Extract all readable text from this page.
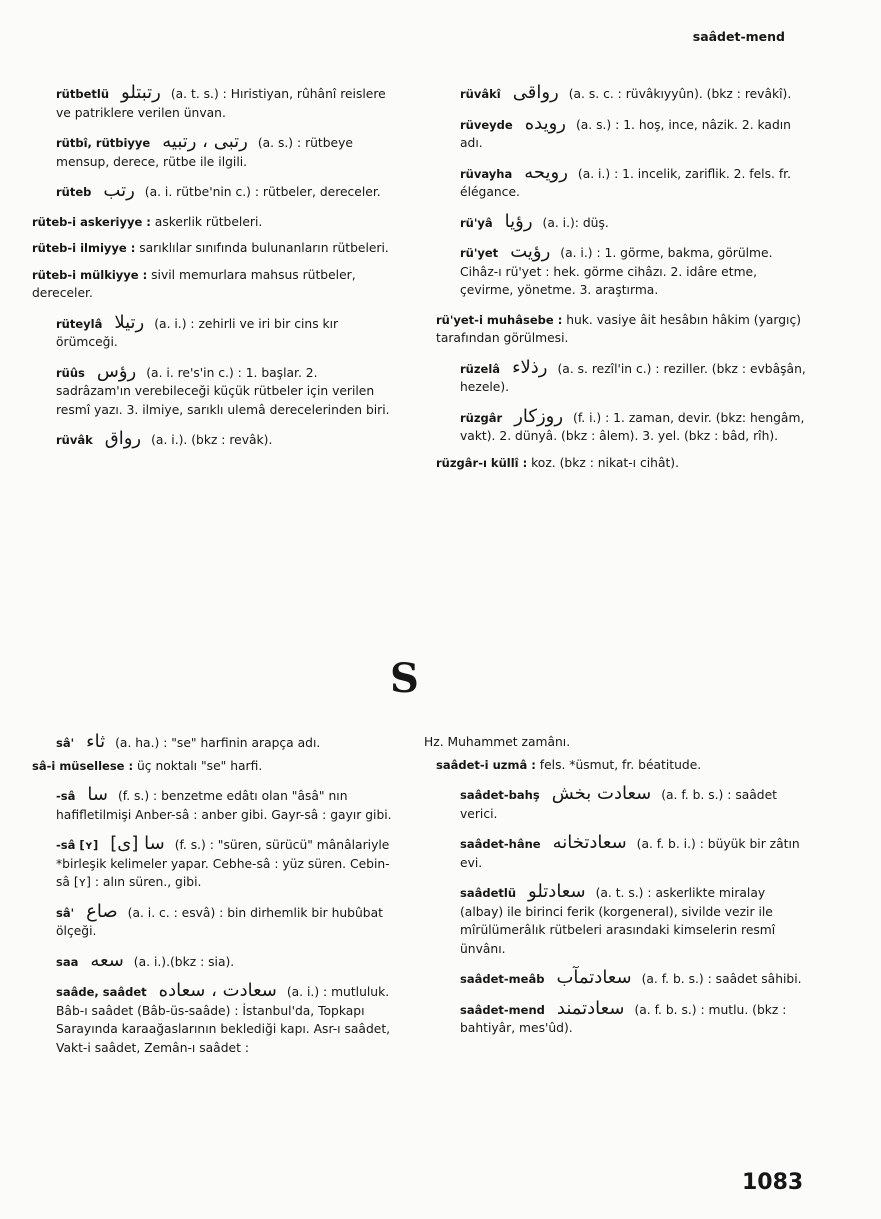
saâdet-mend

rütbetlü رتبتلو (a. t. s.) : Hıristiyan, rûhânî reislere ve patriklere verilen ünvan.

rütbî, rütbiyye رتبى ، رتبيه (a. s.) : rütbeye mensup, derece, rütbe ile ilgili.

rüteb رتب (a. i. rütbe'nin c.) : rütbeler, dereceler.

rüteb-i askeriyye : askerlik rütbeleri.

rüteb-i ilmiyye : sarıklılar sınıfında bulunanların rütbeleri.

rüteb-i mülkiyye : sivil memurlara mahsus rütbeler, dereceler.

rüteylâ رتيلا (a. i.) : zehirli ve iri bir cins kır örümceği.

rüûs رؤس (a. i. re's'in c.) : 1. başlar. 2. sadrâzam'ın verebileceği küçük rütbeler için verilen resmî yazı. 3. ilmiye, sarıklı ulemâ derecelerinden biri.

rüvâk رواق (a. i.). (bkz : revâk).

rüvâkî رواقى (a. s. c. : rüvâkıyyûn). (bkz : revâkî).

rüveyde رويده (a. s.) : 1. hoş, ince, nâzik. 2. kadın adı.

rüvayha رويحه (a. i.) : 1. incelik, zariflik. 2. fels. fr. élégance.

rü'yâ رؤيا (a. i.): düş.

rü'yet رؤيت (a. i.) : 1. görme, bakma, görülme. Cihâz-ı rü'yet : hek. görme cihâzı. 2. idâre etme, çevirme, yönetme. 3. araştırma.

rü'yet-i muhâsebe : huk. vasiye âit hesâbın hâkim (yargıç) tarafından görülmesi.

rüzelâ رذلاء (a. s. rezîl'in c.) : reziller. (bkz : evbâşân, hezele).

rüzgâr روزكار (f. i.) : 1. zaman, devir. (bkz: hengâm, vakt). 2. dünyâ. (bkz : âlem). 3. yel. (bkz : bâd, rîh).

rüzgâr-ı küllî : koz. (bkz : nikat-ı cihât).

S

sâ' ثاء (a. ha.) : "se" harfinin arapça adı.

sâ-i müsellese : üç noktalı "se" harfi.

-sâ سا (f. s.) : benzetme edâtı olan "âsâ" nın hafifletilmişi Anber-sâ : anber gibi. Gayr-sâ : gayır gibi.

-sâ [ʏ] [ى] سا (f. s.) : "süren, sürücü" mânâlariyle *birleşik kelimeler yapar. Cebhe-sâ : yüz süren. Cebin-sâ [ʏ] : alın süren., gibi.

sâ' صاع (a. i. c. : esvâ) : bin dirhemlik bir hubûbat ölçeği.

saa سعه (a. i.).(bkz : sia).

saâde, saâdet سعادت ، سعاده (a. i.) : mutluluk. Bâb-ı saâdet (Bâb-üs-saâde) : İstanbul'da, Topkapı Sarayında karaağaslarının beklediği kapı. Asr-ı saâdet, Vakt-i saâdet, Zemân-ı saâdet :

Hz. Muhammet zamânı.

saâdet-i uzmâ : fels. *üsmut, fr. béatitude.

saâdet-bahş سعادت بخش (a. f. b. s.) : saâdet verici.

saâdet-hâne سعادتخانه (a. f. b. i.) : büyük bir zâtın evi.

saâdetlü سعادتلو (a. t. s.) : askerlikte miralay (albay) ile birinci ferik (korgeneral), sivilde vezir ile mîrülümerâlık rütbeleri arasındaki kimselerin resmî ünvânı.

saâdet-meâb سعادتمآب (a. f. b. s.) : saâdet sâhibi.

saâdet-mend سعادتمند (a. f. b. s.) : mutlu. (bkz : bahtiyâr, mes'ûd).

1083
